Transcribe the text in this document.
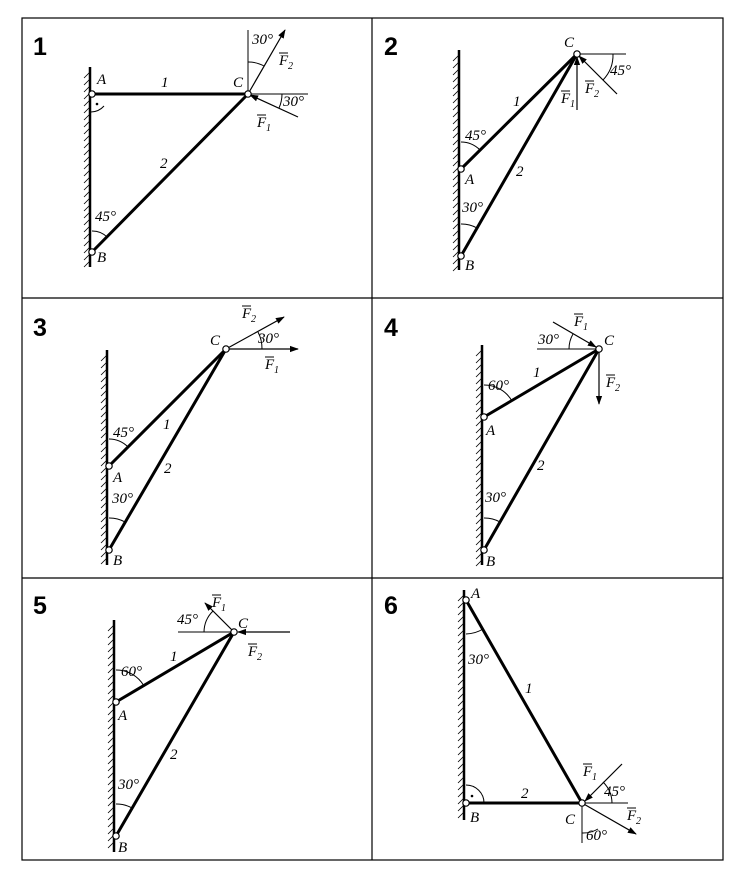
1
A
B
C
1
2
30°
30°
45°
F 1
F 2
2
A
B
C
1
2
45°
45°
30°
F 1
F 2
3
A
B
C
1
2
30°
45°
30°
F 1
F 2	4
A
B
C
1
2
30°
60°
30°
F 1
F 2
5
A
B
C
1
2
45°
60°
30°
F 1
F 2
6	A
B	C
1
2
30°
45°
60°
F 1
F 2
